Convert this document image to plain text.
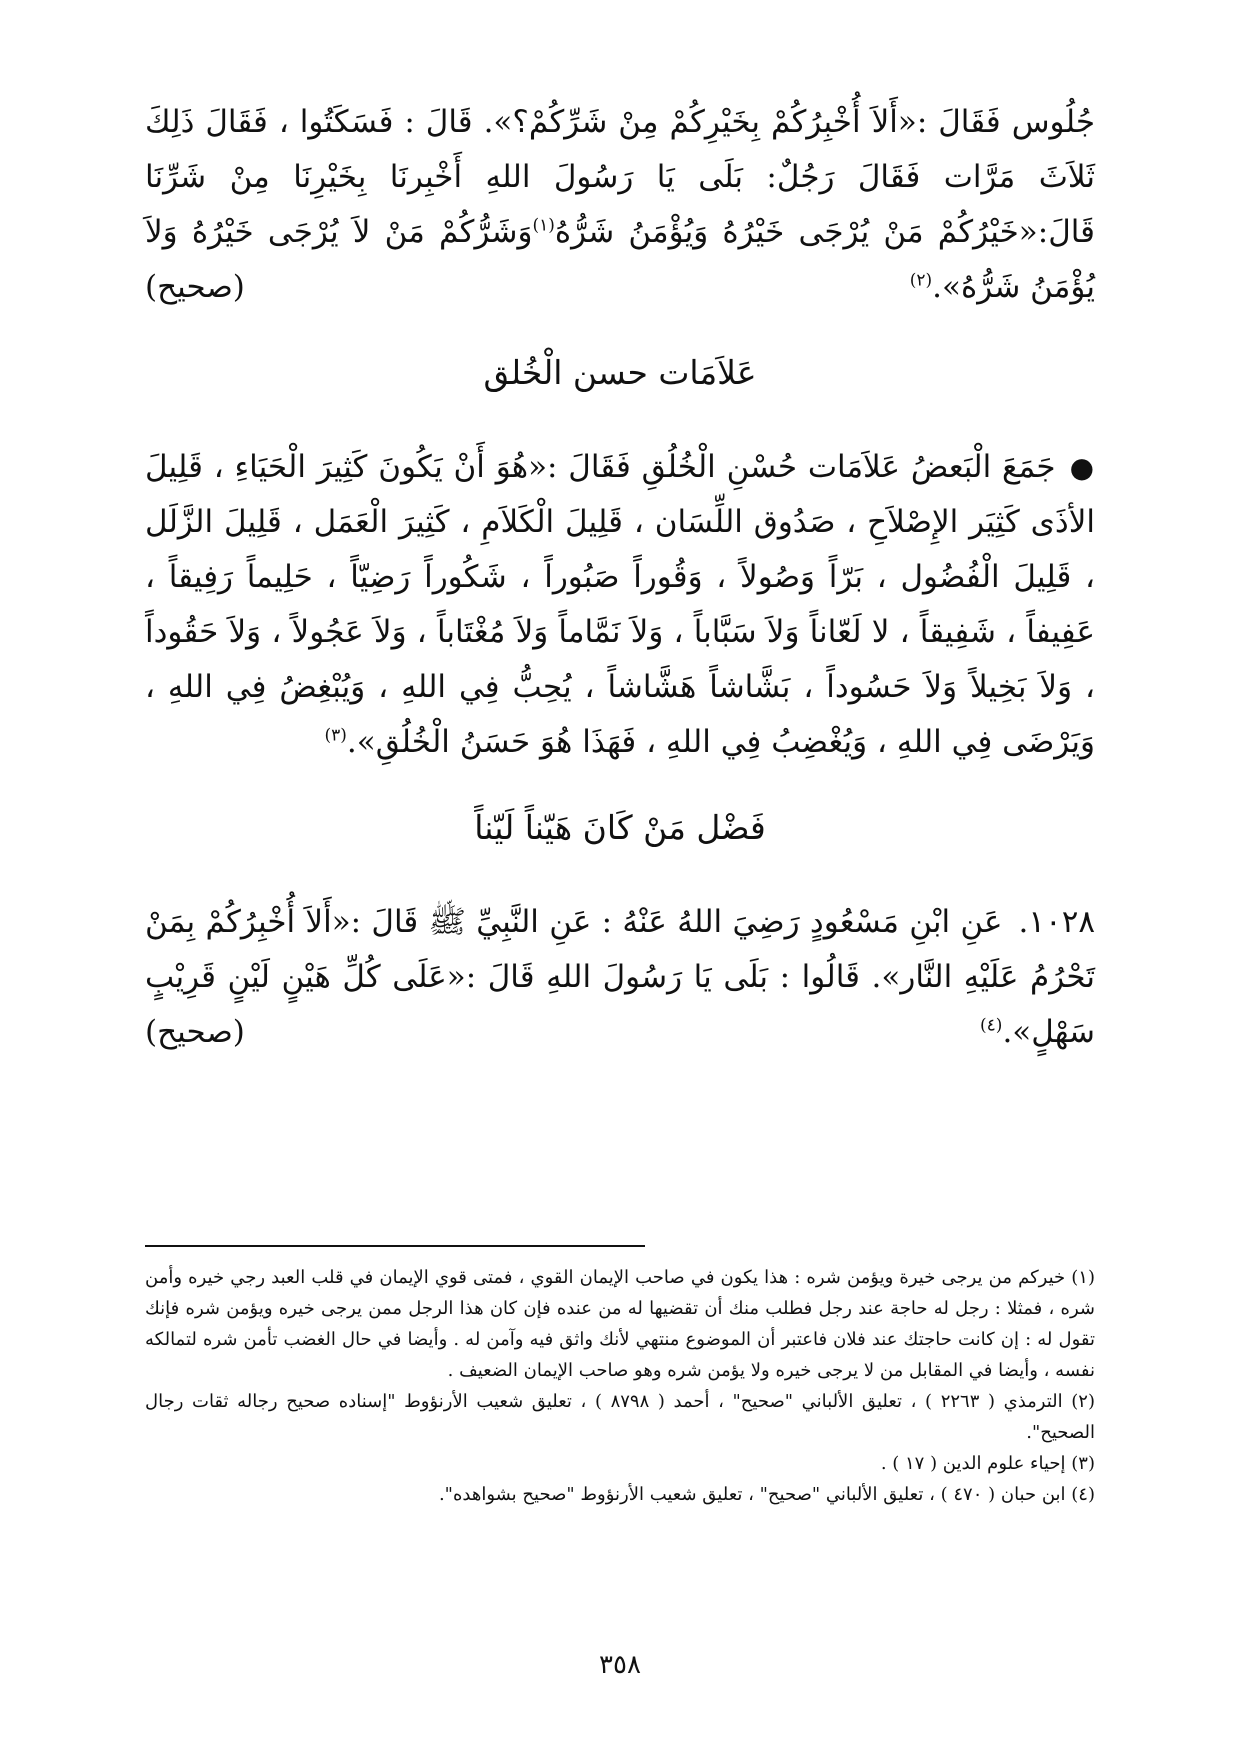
جُلُوس فَقَالَ :«أَلاَ أُخْبِرُكُمْ بِخَيْرِكُمْ مِنْ شَرِّكُمْ؟». قَالَ : فَسَكَتُوا ، فَقَالَ ذَلِكَ ثَلاَثَ مَرَّات فَقَالَ رَجُلٌ: بَلَى يَا رَسُولَ اللهِ أَخْبِرنَا بِخَيْرِنَا مِنْ شَرِّنَا قَالَ:«خَيْرُكُمْ مَنْ يُرْجَى خَيْرُهُ وَيُؤْمَنُ شَرُّهُ$^{(١)}$وَشَرُّكُمْ مَنْ لاَ يُرْجَى خَيْرُهُ وَلاَ يُؤْمَنُ شَرُّهُ».$^{(٢)}$
(صحيح)

عَلاَمَات حسن الْخُلق

●جَمَعَ الْبَعضُ عَلاَمَات حُسْنِ الْخُلُقِ فَقَالَ :«هُوَ أَنْ يَكُونَ كَثِيرَ الْحَيَاءِ ، قَلِيلَ الأذَى كَثِيَر الإِصْلاَحِ ، صَدُوق اللِّسَان ، قَلِيلَ الْكَلاَمِ ، كَثِيرَ الْعَمَل ، قَلِيلَ الزَّلَل ، قَلِيلَ الْفُضُول ، بَرّاً وَصُولاً ، وَقُوراً صَبُوراً ، شَكُوراً رَضِيّاً ، حَلِيماً رَفِيقاً ، عَفِيفاً ، شَفِيقاً ، لا لَعّاناً وَلاَ سَبَّاباً ، وَلاَ نَمَّاماً وَلاَ مُغْتَاباً ، وَلاَ عَجُولاً ، وَلاَ حَقُوداً ، وَلاَ بَخِيلاً وَلاَ حَسُوداً ، بَشَّاشاً هَشَّاشاً ، يُحِبُّ فِي اللهِ ، وَيُبْغِضُ فِي اللهِ ، وَيَرْضَى فِي اللهِ ، وَيُغْضِبُ فِي اللهِ ، فَهَذَا هُوَ حَسَنُ الْخُلُقِ».$^{(٣)}$

فَضْل مَنْ كَانَ هَيّناً لَيّناً

١٠٢٨.عَنِ ابْنِ مَسْعُودٍ رَضِيَ اللهُ عَنْهُ : عَنِ النَّبِيِّ ﷺ قَالَ :«أَلاَ أُخْبِرُكُمْ بِمَنْ تَحْرُمُ عَلَيْهِ النَّار». قَالُوا : بَلَى يَا رَسُولَ اللهِ قَالَ :«عَلَى كُلِّ هَيْنٍ لَيْنٍ قَرِيْبٍ سَهْلٍ».$^{(٤)}$
(صحيح)

(١) خيركم من يرجى خيرة ويؤمن شره : هذا يكون في صاحب الإيمان القوي ، فمتى قوي الإيمان في قلب العبد رجي خيره وأمن شره ، فمثلا : رجل له حاجة عند رجل فطلب منك أن تقضيها له من عنده فإن كان هذا الرجل ممن يرجى خيره ويؤمن شره فإنك تقول له : إن كانت حاجتك عند فلان فاعتبر أن الموضوع منتهي لأنك واثق فيه وآمن له . وأيضا في حال الغضب تأمن شره لتمالكه نفسه ، وأيضا في المقابل من لا يرجى خيره ولا يؤمن شره وهو صاحب الإيمان الضعيف .

(٢) الترمذي ( ٢٢٦٣ ) ، تعليق الألباني "صحيح" ، أحمد ( ٨٧٩٨ ) ، تعليق شعيب الأرنؤوط "إسناده صحيح رجاله ثقات رجال الصحيح".

(٣) إحياء علوم الدين ( ١٧ ) .

(٤) ابن حبان ( ٤٧٠ ) ، تعليق الألباني "صحيح" ، تعليق شعيب الأرنؤوط "صحيح بشواهده".

٣٥٨
